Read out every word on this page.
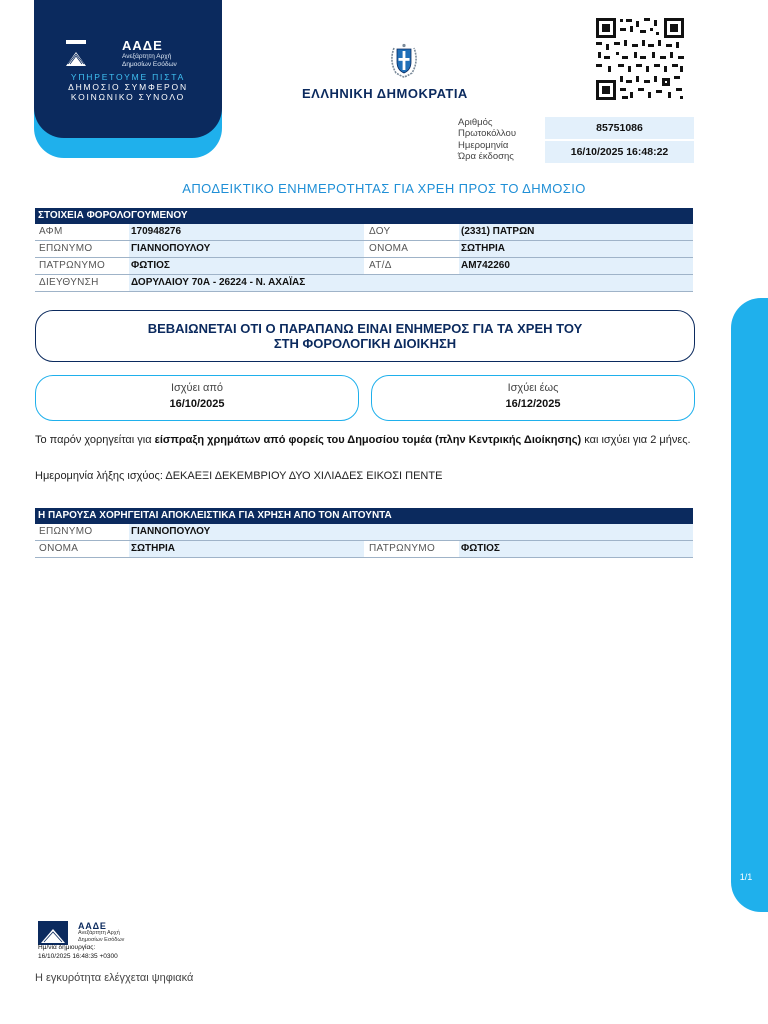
ΑΑΔΕ
Ανεξάρτητη Αρχή
Δημοσίων Εσόδων
ΥΠΗΡΕΤΟΥΜΕ ΠΙΣΤΑ
ΔΗΜΟΣΙΟ ΣΥΜΦΕΡΟΝ
ΚΟΙΝΩΝΙΚΟ ΣΥΝΟΛΟ	ΕΛΛΗΝΙΚΗ ΔΗΜΟΚΡΑΤΙΑ
Αριθμός
Πρωτοκόλλου	85751086
Ημερομηνία
Ώρα έκδοσης	16/10/2025 16:48:22
ΑΠΟΔΕΙΚΤΙΚΟ ΕΝΗΜΕΡΟΤΗΤΑΣ ΓΙΑ ΧΡΕΗ ΠΡΟΣ ΤΟ ΔΗΜΟΣΙΟ
ΣΤΟΙΧΕΙΑ ΦΟΡΟΛΟΓΟΥΜΕΝΟΥ
ΑΦΜ	170948276	ΔΟΥ	(2331) ΠΑΤΡΩΝ
ΕΠΩΝΥΜΟ	ΓΙΑΝΝΟΠΟΥΛΟΥ	ΟΝΟΜΑ	ΣΩΤΗΡΙΑ
ΠΑΤΡΩΝΥΜΟ	ΦΩΤΙΟΣ	ΑΤ/Δ	ΑΜ742260
ΔΙΕΥΘΥΝΣΗ	ΔΟΡΥΛΑΙΟΥ 70Α - 26224 - Ν. ΑΧΑΪΑΣ
ΒΕΒΑΙΩΝΕΤΑΙ ΟΤΙ Ο ΠΑΡΑΠΑΝΩ ΕΙΝΑΙ ΕΝΗΜΕΡΟΣ ΓΙΑ ΤΑ ΧΡΕΗ ΤΟΥ
ΣΤΗ ΦΟΡΟΛΟΓΙΚΗ ΔΙΟΙΚΗΣΗ
Ισχύει από
16/10/2025
Ισχύει έως
16/12/2025
Το παρόν χορηγείται για είσπραξη χρημάτων από φορείς του Δημοσίου τομέα (πλην Κεντρικής Διοίκησης) και ισχύει για 2 μήνες.
Ημερομηνία λήξης ισχύος: ΔΕΚΑΕΞΙ ΔΕΚΕΜΒΡΙΟΥ ΔΥΟ ΧΙΛΙΑΔΕΣ ΕΙΚΟΣΙ ΠΕΝΤΕ
Η ΠΑΡΟΥΣΑ ΧΟΡΗΓΕΙΤΑΙ ΑΠΟΚΛΕΙΣΤΙΚΑ ΓΙΑ ΧΡΗΣΗ ΑΠΟ ΤΟΝ ΑΙΤΟΥΝΤΑ
ΕΠΩΝΥΜΟ	ΓΙΑΝΝΟΠΟΥΛΟΥ
ΟΝΟΜΑ	ΣΩΤΗΡΙΑ	ΠΑΤΡΩΝΥΜΟ	ΦΩΤΙΟΣ
1/1
ΑΑΔΕ
Ανεξάρτητη Αρχή
Δημοσίων Εσόδων
Ημ/νία δημιουργίας:
16/10/2025 16:48:35 +0300
Η εγκυρότητα ελέγχεται ψηφιακά
